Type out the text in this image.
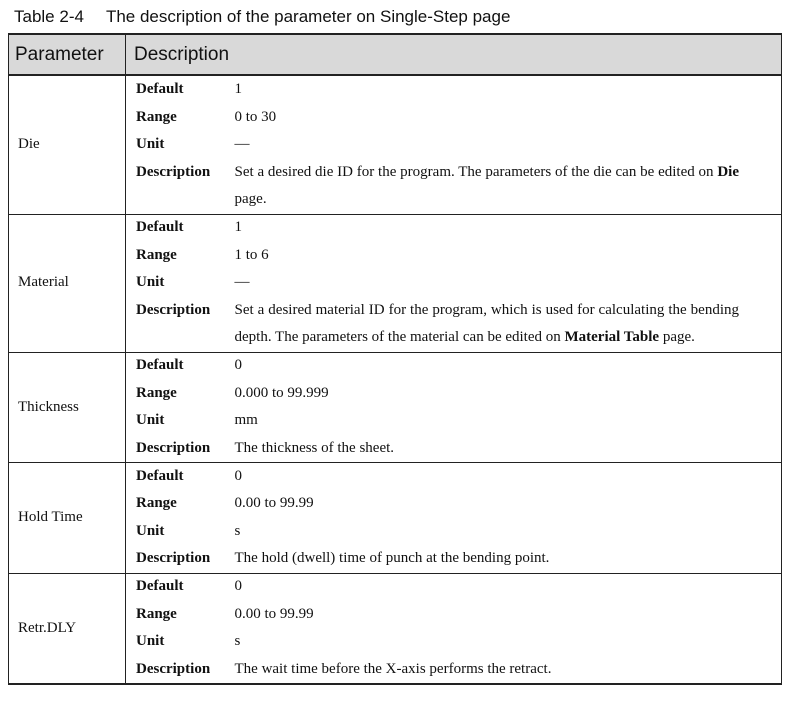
Table 2-4 The description of the parameter on Single-Step page
Parameter	Description	
Die	Default	1
	Range	0 to 30
	Unit	—
	Description	Set a desired die ID for the program. The parameters of the die can be edited on Die page.

Material	Default	1
	Range	1 to 6
	Unit	—
	Description	Set a desired material ID for the program, which is used for calculating the bending depth. The parameters of the material can be edited on Material Table page.

Thickness	Default	0
	Range	0.000 to 99.999
	Unit	mm
	Description	The thickness of the sheet.

Hold Time	Default	0
	Range	0.00 to 99.99
	Unit	s
	Description	The hold (dwell) time of punch at the bending point.

Retr.DLY	Default	0
	Range	0.00 to 99.99
	Unit	s
	Description	The wait time before the X-axis performs the retract.
